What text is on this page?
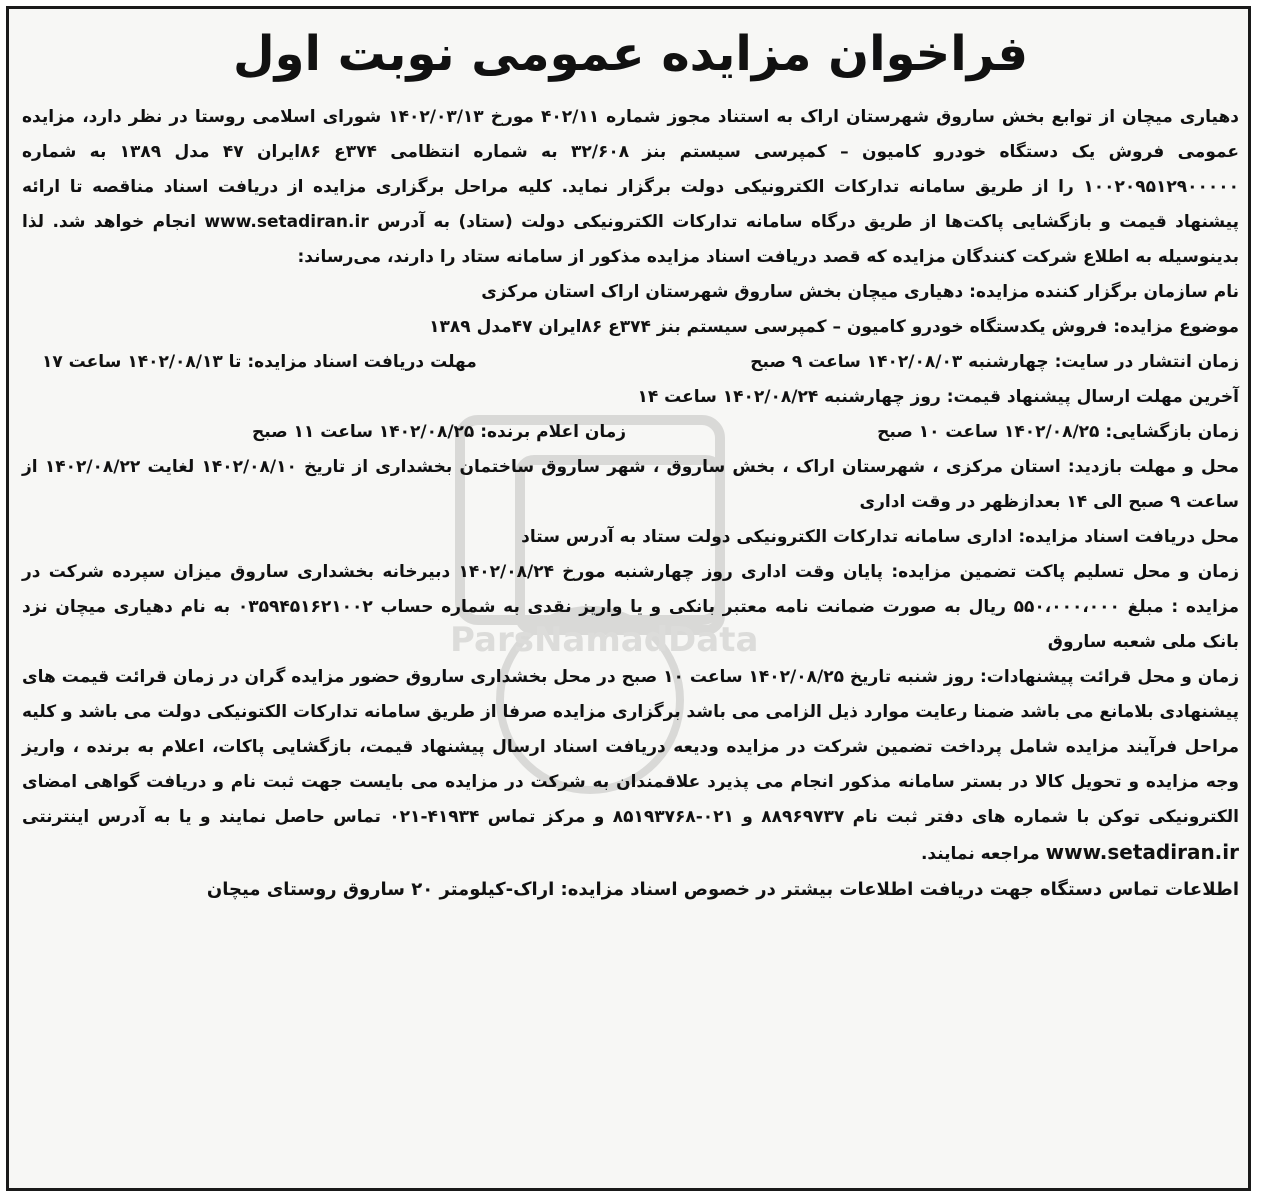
فراخوان مزایده عمومی نوبت اول

دهیاری میچان از توابع بخش ساروق شهرستان اراک به استناد مجوز شماره ۴۰۲/۱۱ مورخ ۱۴۰۲/۰۳/۱۳ شورای اسلامی روستا در نظر دارد، مزایده عمومی فروش یک دستگاه خودرو کامیون – کمپرسی سیستم بنز ۳۲/۶۰۸ به شماره انتظامی ۳۷۴ع ۸۶ایران ۴۷ مدل ۱۳۸۹ به شماره ۱۰۰۲۰۹۵۱۲۹۰۰۰۰۰ را از طریق سامانه تدارکات الکترونیکی دولت برگزار نماید. کلیه مراحل برگزاری مزایده از دریافت اسناد مناقصه تا ارائه پیشنهاد قیمت و بازگشایی پاکت‌ها از طریق درگاه سامانه تدارکات الکترونیکی دولت (ستاد) به آدرس www.setadiran.ir انجام خواهد شد. لذا بدینوسیله به اطلاع شرکت کنندگان مزایده که قصد دریافت اسناد مزایده مذکور از سامانه ستاد را دارند، می‌رساند:

نام سازمان برگزار کننده مزایده: دهیاری میچان بخش ساروق شهرستان اراک استان مرکزی

موضوع مزایده: فروش یکدستگاه خودرو کامیون – کمپرسی سیستم بنز ۳۷۴ع ۸۶ایران ۴۷مدل ۱۳۸۹

زمان انتشار در سایت: چهارشنبه ۱۴۰۲/۰۸/۰۳ ساعت ۹ صبح
مهلت دریافت اسناد مزایده: تا ۱۴۰۲/۰۸/۱۳ ساعت ۱۷

آخرین مهلت ارسال پیشنهاد قیمت: روز چهارشنبه ۱۴۰۲/۰۸/۲۴ ساعت ۱۴

زمان بازگشایی: ۱۴۰۲/۰۸/۲۵ ساعت ۱۰ صبح
زمان اعلام برنده: ۱۴۰۲/۰۸/۲۵ ساعت ۱۱ صبح

محل و مهلت بازدید: استان مرکزی ، شهرستان اراک ، بخش ساروق ، شهر ساروق ساختمان بخشداری از تاریخ ۱۴۰۲/۰۸/۱۰ لغایت ۱۴۰۲/۰۸/۲۲ از ساعت ۹ صبح الی ۱۴ بعدازظهر در وقت اداری

محل دریافت اسناد مزایده: اداری سامانه تدارکات الکترونیکی دولت ستاد به آدرس ستاد

زمان و محل تسلیم پاکت تضمین مزایده: پایان وقت اداری روز چهارشنبه مورخ ۱۴۰۲/۰۸/۲۴ دبیرخانه بخشداری ساروق میزان سپرده شرکت در مزایده : مبلغ ۵۵۰،۰۰۰،۰۰۰ ریال به صورت ضمانت نامه معتبر بانکی و یا واریز نقدی به شماره حساب ۰۳۵۹۴۵۱۶۲۱۰۰۲ به نام دهیاری میچان نزد بانک ملی شعبه ساروق

زمان و محل قرائت پیشنهادات: روز شنبه تاریخ ۱۴۰۲/۰۸/۲۵ ساعت ۱۰ صبح در محل بخشداری ساروق حضور مزایده گران در زمان قرائت قیمت های پیشنهادی بلامانع می باشد ضمنا رعایت موارد ذیل الزامی می باشد برگزاری مزایده صرفا از طریق سامانه تدارکات الکتونیکی دولت می باشد و کلیه مراحل فرآیند مزایده شامل پرداخت تضمین شرکت در مزایده ودیعه دریافت اسناد ارسال پیشنهاد قیمت، بازگشایی پاکات، اعلام به برنده ، واریز وجه مزایده و تحویل کالا در بستر سامانه مذکور انجام می پذیرد علاقمندان به شرکت در مزایده می بایست جهت ثبت نام و دریافت گواهی امضای الکترونیکی توکن با شماره های دفتر ثبت نام ۸۸۹۶۹۷۳۷ و ۰۲۱-۸۵۱۹۳۷۶۸ و مرکز تماس ۴۱۹۳۴-۰۲۱ تماس حاصل نمایند و یا به آدرس اینترنتی www.setadiran.ir مراجعه نمایند.

اطلاعات تماس دستگاه جهت دریافت اطلاعات بیشتر در خصوص اسناد مزایده: اراک-کیلومتر ۲۰ ساروق روستای میچان
